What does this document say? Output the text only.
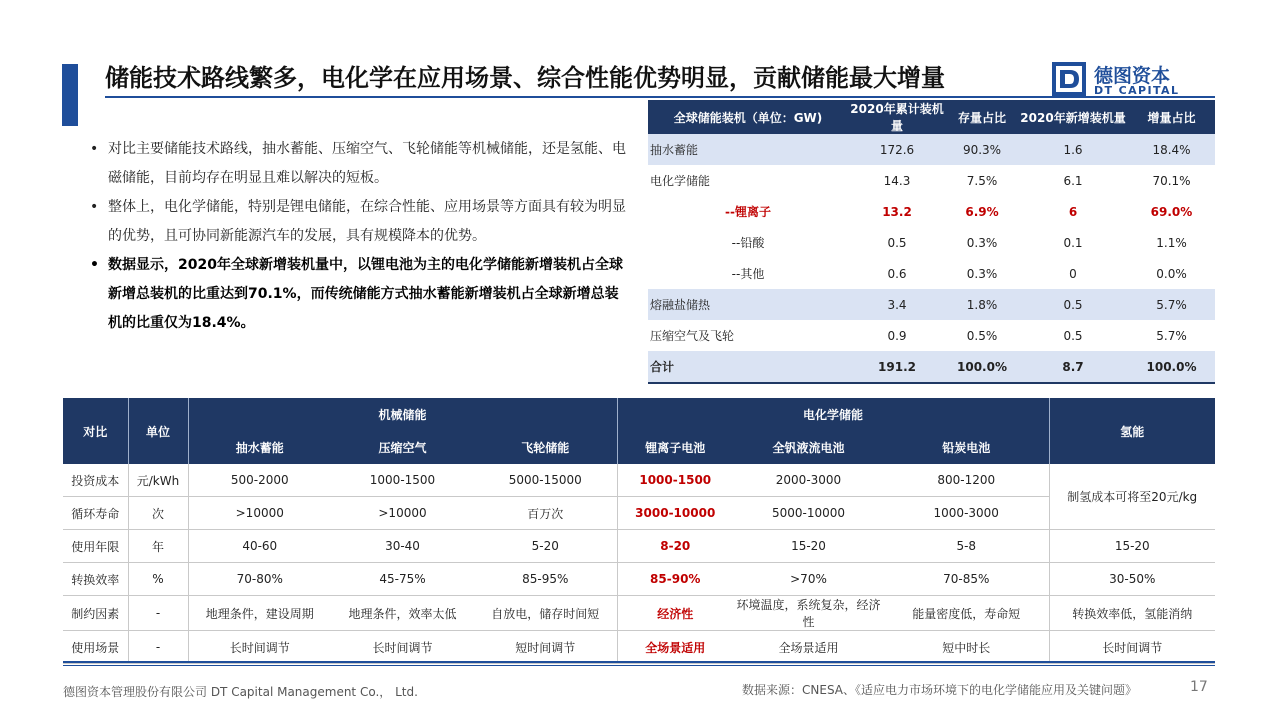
储能技术路线繁多，电化学在应用场景、综合性能优势明显，贡献储能最大增量	德图资本
DT CAPITAL
• 对比主要储能技术路线，抽水蓄能、压缩空气、飞轮储能等机械储能，还是氢能、电磁储能，目前均存在明显且难以解决的短板。
• 整体上，电化学储能，特别是锂电储能，在综合性能、应用场景等方面具有较为明显的优势，且可协同新能源汽车的发展，具有规模降本的优势。
• 数据显示，2020年全球新增装机量中，以锂电池为主的电化学储能新增装机占全球新增总装机的比重达到70.1%，而传统储能方式抽水蓄能新增装机占全球新增总装机的比重仅为18.4%。
全球储能装机（单位：GW)	2020年累计装机量	存量占比	2020年新增装机量	增量占比
抽水蓄能	172.6	90.3%	1.6	18.4%
电化学储能	14.3	7.5%	6.1	70.1%
--锂离子	13.2	6.9%	6	69.0%
--铅酸	0.5	0.3%	0.1	1.1%
--其他	0.6	0.3%	0	0.0%
熔融盐储热	3.4	1.8%	0.5	5.7%
压缩空气及飞轮	0.9	0.5%	0.5	5.7%
合计	191.2	100.0%	8.7	100.0%
对比	单位	机械储能			电化学储能			氢能
		抽水蓄能	压缩空气	飞轮储能	锂离子电池	全钒液流电池	铅炭电池	
投资成本	元/kWh	500-2000	1000-1500	5000-15000	1000-1500	2000-3000	800-1200	制氢成本可将至20元/kg
循环寿命	次	>10000	>10000	百万次	3000-10000	5000-10000	1000-3000	
使用年限	年	40-60	30-40	5-20	8-20	15-20	5-8	15-20
转换效率	%	70-80%	45-75%	85-95%	85-90%	>70%	70-85%	30-50%
制约因素	-	地理条件，建设周期	地理条件，效率太低	自放电，储存时间短	经济性	环境温度，系统复杂，经济性	能量密度低，寿命短	转换效率低，氢能消纳
使用场景	-	长时间调节	长时间调节	短时间调节	全场景适用	全场景适用	短中时长	长时间调节
德图资本管理股份有限公司 DT Capital Management Co.， Ltd.	数据来源：CNESA、《适应电力市场环境下的电化学储能应用及关键问题》	17
